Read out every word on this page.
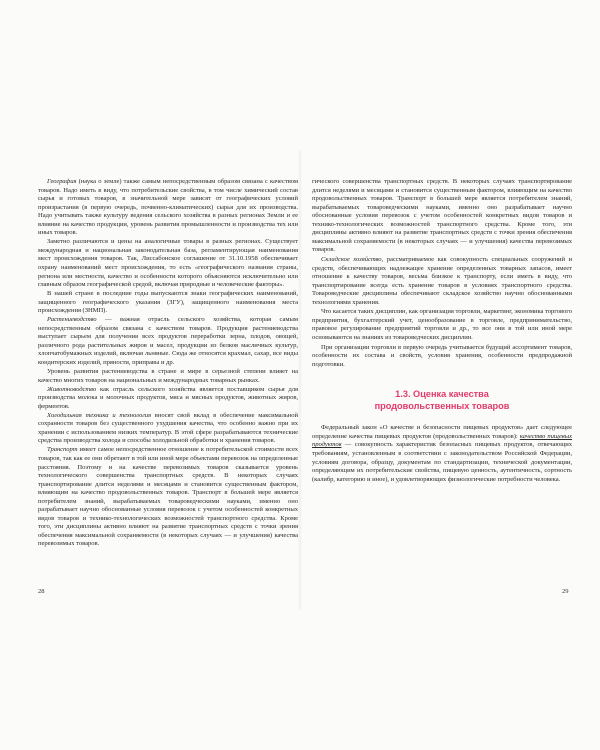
География (наука о земле) также самым непосредственным образом связана с качеством товаров. Надо иметь в виду, что потребительские свойства, в том числе химический состав сырья и готовых товаров, в значительной мере зависят от географических условий произрастания (в первую очередь, почвенно-климатических) сырья для их производства. Надо учитывать также культуру ведения сельского хозяйства в разных регионах Земли и ее влияние на качество продукции, уровень развития промышленности и производства тех или иных товаров.

Заметно различаются и цены на аналогичные товары в разных регионах. Существует международная и национальная законодательная база, регламентирующая наименования мест происхождения товаров. Так, Лиссабонское соглашение от 31.10.1958 обеспечивает охрану наименований мест происхождения, то есть «географического названия страны, региона или местности, качество и особенности которого объясняются исключительно или главным образом географической средой, включая природные и человеческие факторы».

В нашей стране в последние годы выпускаются знаки географических наименований, защищенного географического указания (ЗГУ), защищенного наименования места происхождения (ЗНМП).

Растениеводство — важная отрасль сельского хозяйства, которая самым непосредственным образом связана с качеством товаров. Продукция растениеводства выступает сырьем для получения всех продуктов переработки зерна, плодов, овощей, различного рода растительных жиров и масел, продукции из белков масличных культур, хлопчатобумажных изделий, включая льняные. Сюда же относятся крахмал, сахар, все виды кондитерских изделий, пряности, приправы и др.

Уровень развития растениеводства в стране и мире в серьезной степени влияет на качество многих товаров на национальных и международных товарных рынках.

Животноводство как отрасль сельского хозяйства является поставщиком сырья для производства молока и молочных продуктов, мяса и мясных продуктов, животных жиров, ферментов.

Холодильная техника и технология вносят свой вклад в обеспечение максимальной сохранности товаров без существенного ухудшения качества, что особенно важно при их хранении с использованием низких температур. В этой сфере разрабатываются технические средства производства холода и способы холодильной обработки и хранения товаров.

Транспорт имеет самое непосредственное отношение к потребительской стоимости всех товаров, так как ее они обретают в той или иной мере объектами перевозок на определенные расстояния. Поэтому и на качестве перевозимых товаров сказывается уровень технологического совершенства транспортных средств. В некоторых случаях транспортирование длится неделями и месяцами и становится существенным фактором, влияющим на качество продовольственных товаров. Транспорт в большей мере является потребителем знаний, вырабатываемых товароведческими науками, именно оно разрабатывает научно обоснованные условия перевозок с учетом особенностей конкретных видов товаров и технико-технологических возможностей транспортного средства. Кроме того, эти дисциплины активно влияют на развитие транспортных средств с точки зрения обеспечения максимальной сохраняемости (в некоторых случаях — и улучшения) качества перевозимых товаров.

28

гического совершенства транспортных средств. В некоторых случаях транспортирование длится неделями и месяцами и становится существенным фактором, влияющим на качество продовольственных товаров. Транспорт в большей мере является потребителем знаний, вырабатываемых товароведческими науками, именно оно разрабатывает научно обоснованные условия перевозок с учетом особенностей конкретных видов товаров и технико-технологических возможностей транспортного средства. Кроме того, эти дисциплины активно влияют на развитие транспортных средств с точки зрения обеспечения максимальной сохраняемости (в некоторых случаях — и улучшения) качества перевозимых товаров.

Складское хозяйство, рассматриваемое как совокупность специальных сооружений и средств, обеспечивающих надлежащее хранение определенных товарных запасов, имеет отношение к качеству товаров, весьма близкое к транспорту, если иметь в виду, что транспортирование всегда есть хранение товаров в условиях транспортного средства. Товароведческие дисциплины обеспечивают складское хозяйство научно обоснованными технологиями хранения.

Что касается таких дисциплин, как организация торговли, маркетинг, экономика торгового предприятия, бухгалтерский учет, ценообразование в торговле, предпринимательство, правовое регулирование предприятий торговли и др., то все они в той или иной мере основываются на знаниях из товароведческих дисциплин.

При организации торговли в первую очередь учитывается будущий ассортимент товаров, особенности их состава и свойств, условия хранения, особенности предпродажной подготовки.

1.3. Оценка качества
продовольственных товаров

Федеральный закон «О качестве и безопасности пищевых продуктов» дает следующее определение качества пищевых продуктов (продовольственных товаров): качество пищевых продуктов — совокупность характеристик безопасных пищевых продуктов, отвечающих требованиям, установленным в соответствии с законодательством Российской Федерации, условиям договора, образцу, документам по стандартизации, технической документации, определяющим их потребительские свойства, пищевую ценность, аутентичность, сортность (калибр, категорию и иное), и удовлетворяющих физиологические потребности человека.

29
